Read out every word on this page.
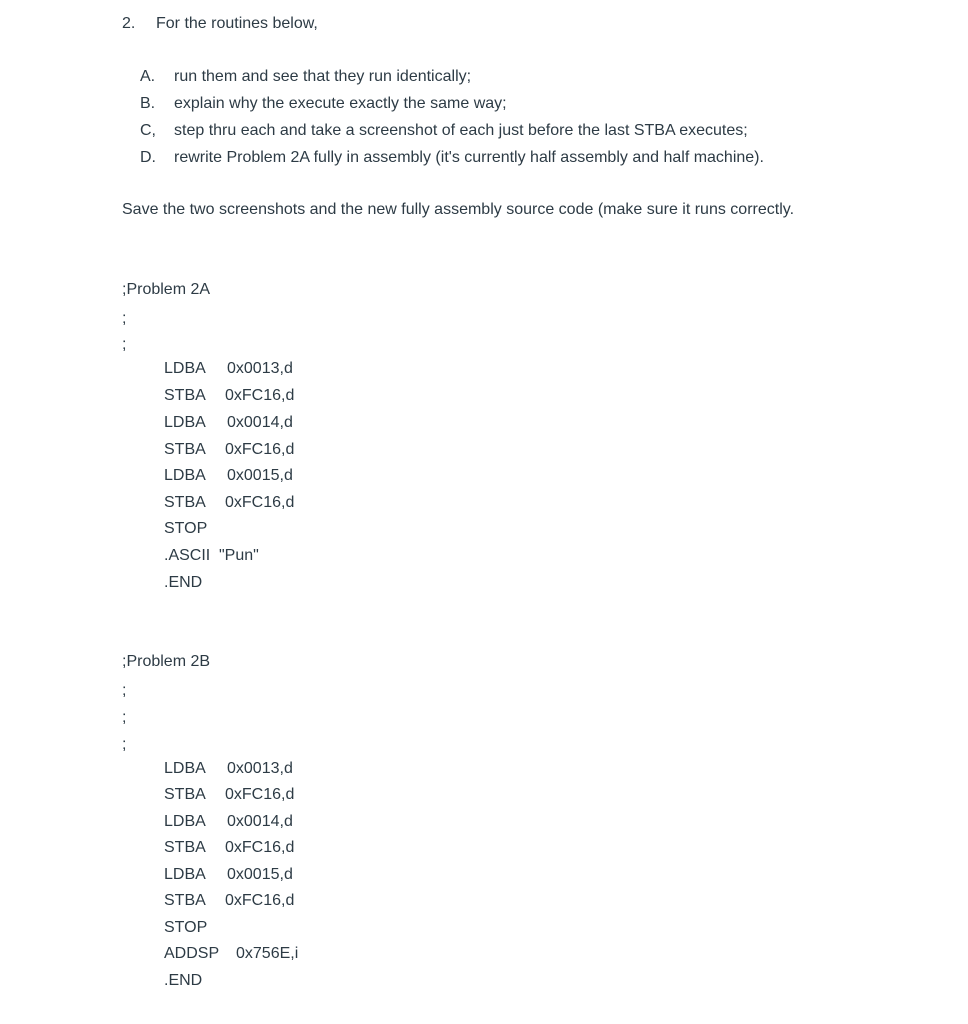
2. For the routines below,
A. run them and see that they run identically;
B. explain why the execute exactly the same way;
C, step thru each and take a screenshot of each just before the last STBA executes;
D. rewrite Problem 2A fully in assembly (it's currently half assembly and half machine).
Save the two screenshots and the new fully assembly source code (make sure it runs correctly.
;Problem 2A
;
;
LDBA 0x0013,d
STBA 0xFC16,d
LDBA 0x0014,d
STBA 0xFC16,d
LDBA 0x0015,d
STBA 0xFC16,d
STOP
.ASCII "Pun"
.END
;Problem 2B
;
;
;
LDBA 0x0013,d
STBA 0xFC16,d
LDBA 0x0014,d
STBA 0xFC16,d
LDBA 0x0015,d
STBA 0xFC16,d
STOP
ADDSP 0x756E,i
.END
